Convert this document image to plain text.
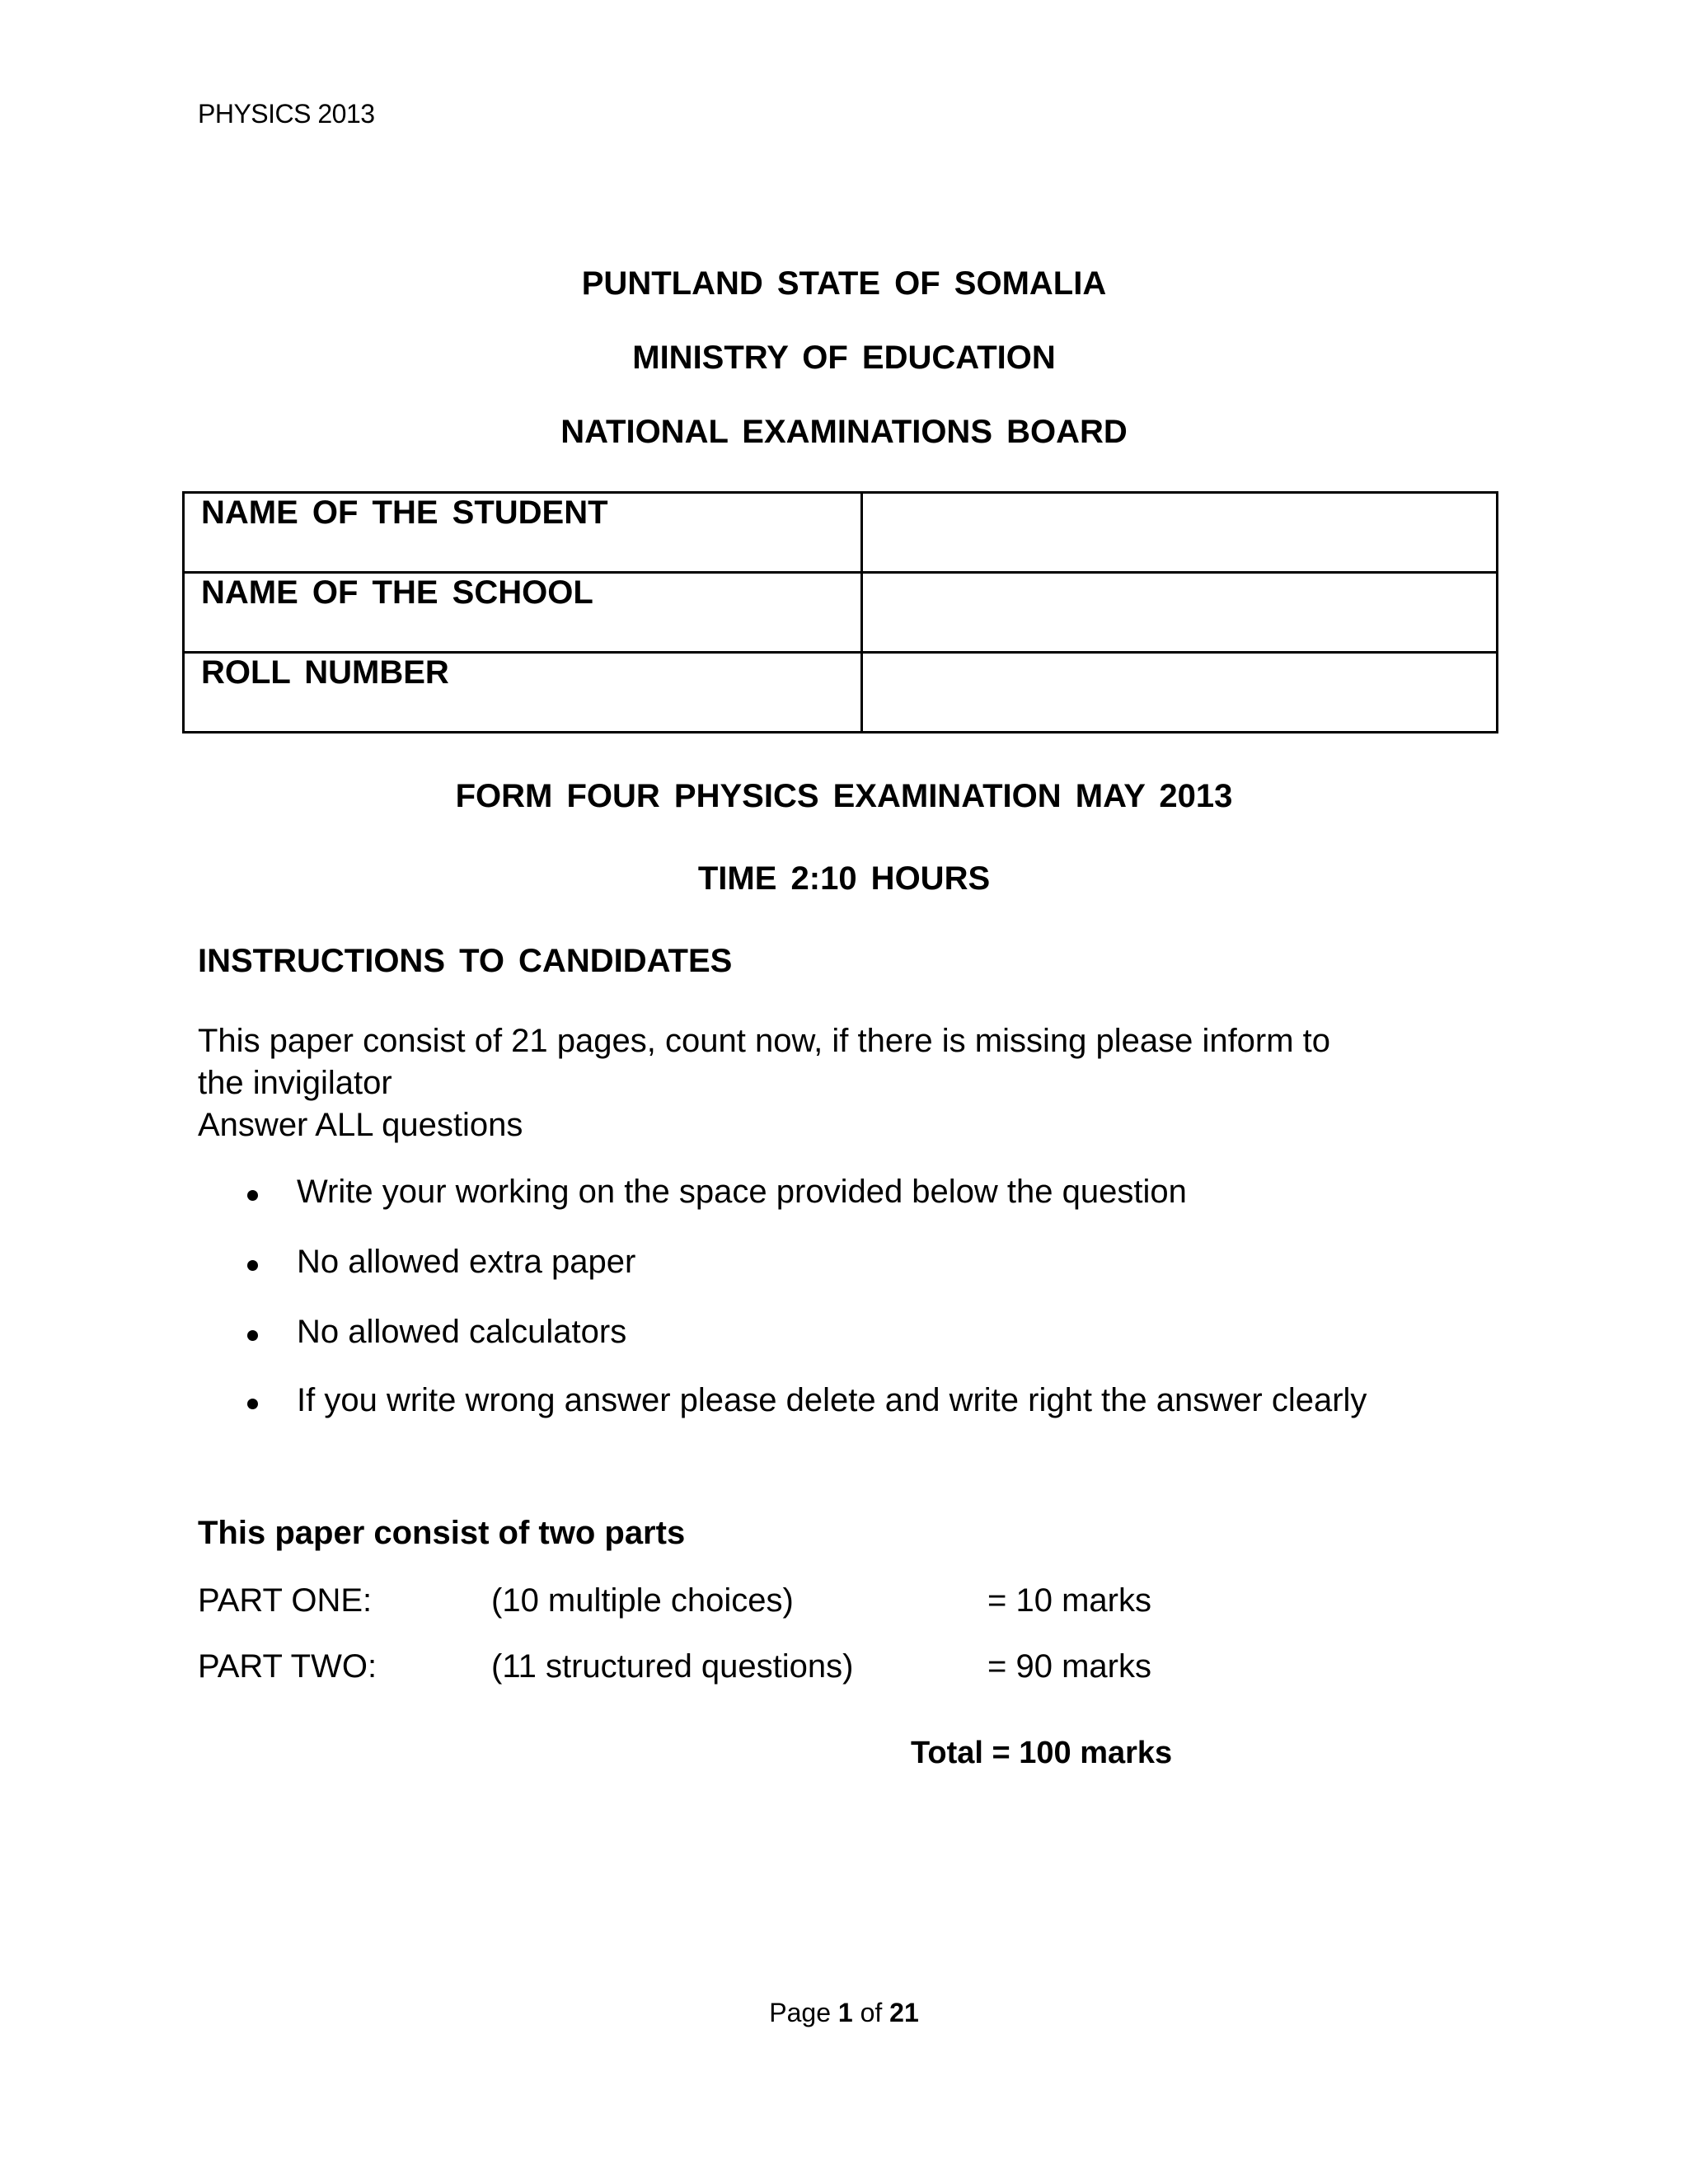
PHYSICS 2013
PUNTLAND STATE OF SOMALIA
MINISTRY OF EDUCATION
NATIONAL EXAMINATIONS BOARD
NAME OF THE STUDENT	
NAME OF THE SCHOOL	
ROLL NUMBER	
FORM FOUR PHYSICS EXAMINATION MAY 2013
TIME 2:10 HOURS
INSTRUCTIONS TO CANDIDATES
This paper consist of 21 pages, count now, if there is missing please inform to
the invigilator
Answer ALL questions
Write your working on the space provided below the question
No allowed extra paper
No allowed calculators
If you write wrong answer please delete and write right the answer clearly
This paper consist of two parts
PART ONE:	(10 multiple choices)	= 10 marks
PART TWO:	(11 structured questions)	= 90 marks
Total = 100 marks
Page 1 of 21
